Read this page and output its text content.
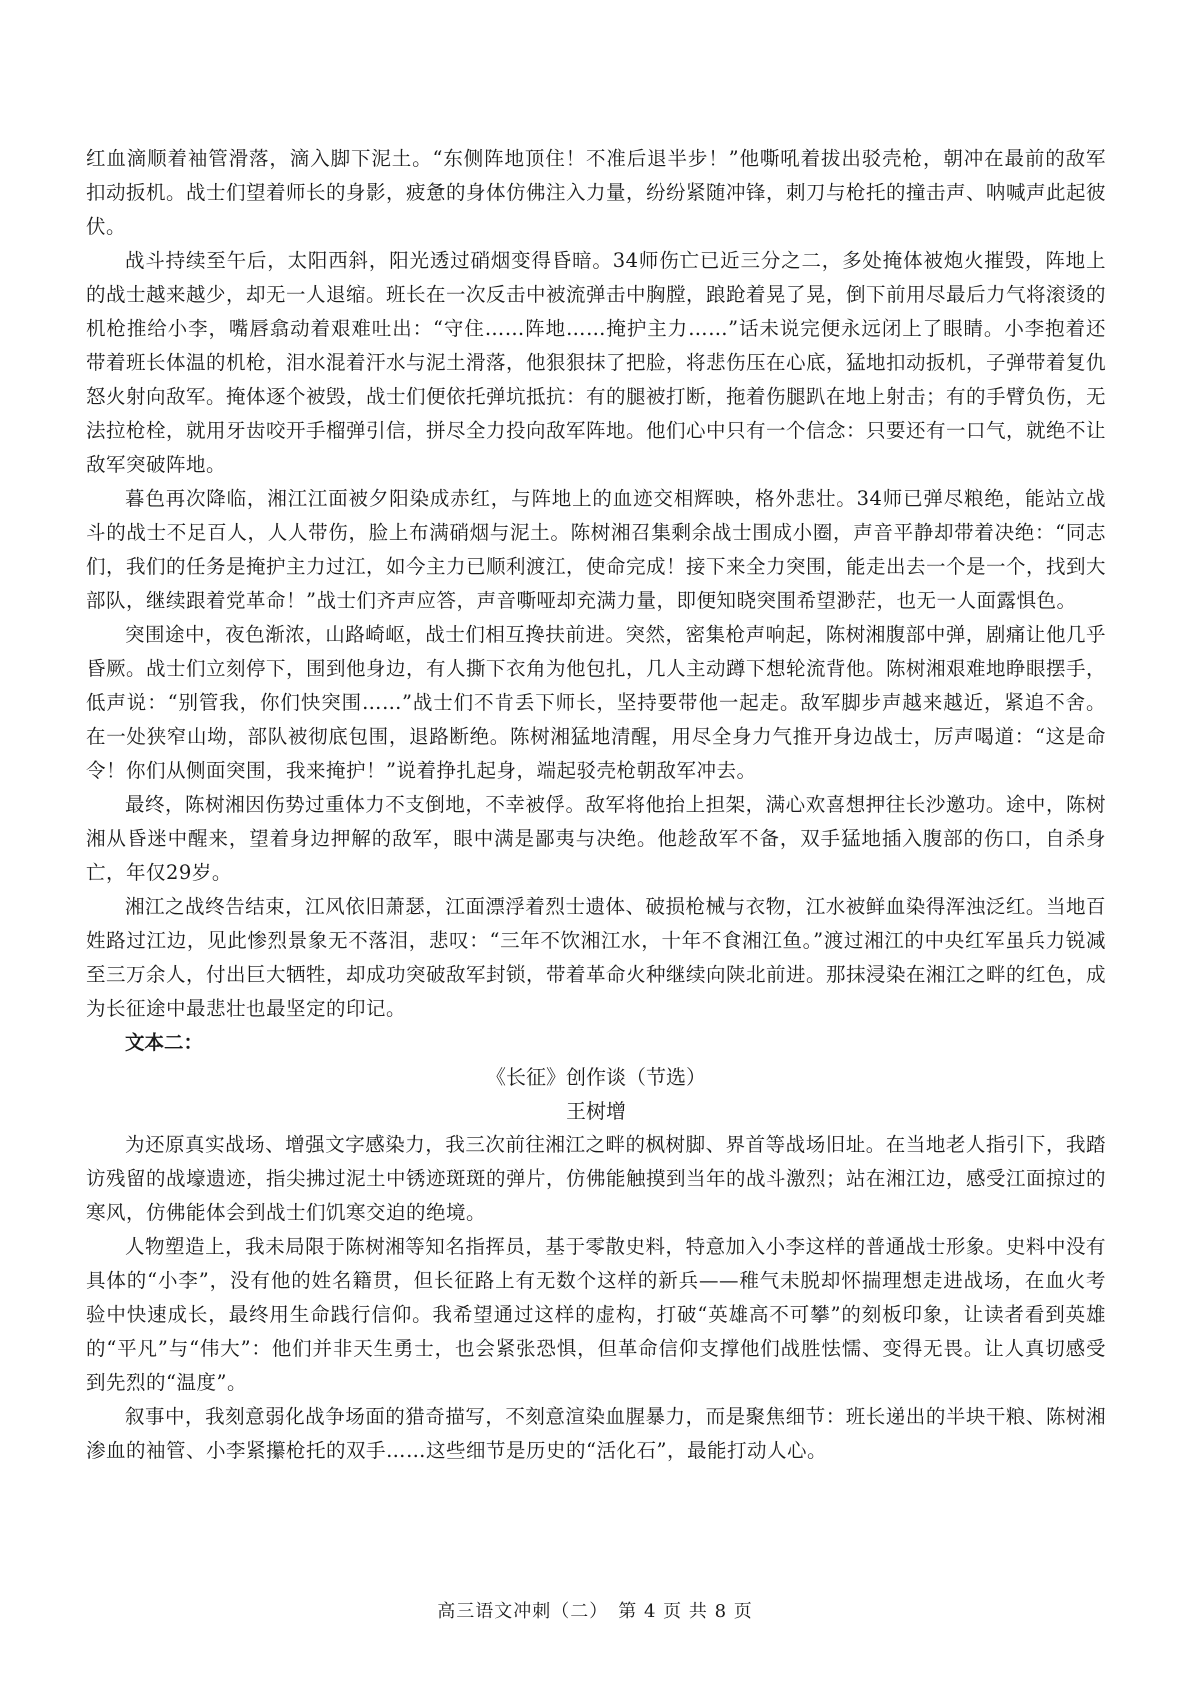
红血滴顺着袖管滑落，滴入脚下泥土。“东侧阵地顶住！不准后退半步！”他嘶吼着拔出驳壳枪，朝冲在最前的敌军扣动扳机。战士们望着师长的身影，疲惫的身体仿佛注入力量，纷纷紧随冲锋，刺刀与枪托的撞击声、呐喊声此起彼伏。

战斗持续至午后，太阳西斜，阳光透过硝烟变得昏暗。34师伤亡已近三分之二，多处掩体被炮火摧毁，阵地上的战士越来越少，却无一人退缩。班长在一次反击中被流弹击中胸膛，踉跄着晃了晃，倒下前用尽最后力气将滚烫的机枪推给小李，嘴唇翕动着艰难吐出：“守住……阵地……掩护主力……”话未说完便永远闭上了眼睛。小李抱着还带着班长体温的机枪，泪水混着汗水与泥土滑落，他狠狠抹了把脸，将悲伤压在心底，猛地扣动扳机，子弹带着复仇怒火射向敌军。掩体逐个被毁，战士们便依托弹坑抵抗：有的腿被打断，拖着伤腿趴在地上射击；有的手臂负伤，无法拉枪栓，就用牙齿咬开手榴弹引信，拼尽全力投向敌军阵地。他们心中只有一个信念：只要还有一口气，就绝不让敌军突破阵地。

暮色再次降临，湘江江面被夕阳染成赤红，与阵地上的血迹交相辉映，格外悲壮。34师已弹尽粮绝，能站立战斗的战士不足百人，人人带伤，脸上布满硝烟与泥土。陈树湘召集剩余战士围成小圈，声音平静却带着决绝：“同志们，我们的任务是掩护主力过江，如今主力已顺利渡江，使命完成！接下来全力突围，能走出去一个是一个，找到大部队，继续跟着党革命！”战士们齐声应答，声音嘶哑却充满力量，即便知晓突围希望渺茫，也无一人面露惧色。

突围途中，夜色渐浓，山路崎岖，战士们相互搀扶前进。突然，密集枪声响起，陈树湘腹部中弹，剧痛让他几乎昏厥。战士们立刻停下，围到他身边，有人撕下衣角为他包扎，几人主动蹲下想轮流背他。陈树湘艰难地睁眼摆手，低声说：“别管我，你们快突围……”战士们不肯丢下师长，坚持要带他一起走。敌军脚步声越来越近，紧追不舍。在一处狭窄山坳，部队被彻底包围，退路断绝。陈树湘猛地清醒，用尽全身力气推开身边战士，厉声喝道：“这是命令！你们从侧面突围，我来掩护！”说着挣扎起身，端起驳壳枪朝敌军冲去。

最终，陈树湘因伤势过重体力不支倒地，不幸被俘。敌军将他抬上担架，满心欢喜想押往长沙邀功。途中，陈树湘从昏迷中醒来，望着身边押解的敌军，眼中满是鄙夷与决绝。他趁敌军不备，双手猛地插入腹部的伤口，自杀身亡，年仅29岁。

湘江之战终告结束，江风依旧萧瑟，江面漂浮着烈士遗体、破损枪械与衣物，江水被鲜血染得浑浊泛红。当地百姓路过江边，见此惨烈景象无不落泪，悲叹：“三年不饮湘江水，十年不食湘江鱼。”渡过湘江的中央红军虽兵力锐减至三万余人，付出巨大牺牲，却成功突破敌军封锁，带着革命火种继续向陕北前进。那抹浸染在湘江之畔的红色，成为长征途中最悲壮也最坚定的印记。

文本二：

《长征》创作谈（节选）

王树增

为还原真实战场、增强文字感染力，我三次前往湘江之畔的枫树脚、界首等战场旧址。在当地老人指引下，我踏访残留的战壕遗迹，指尖拂过泥土中锈迹斑斑的弹片，仿佛能触摸到当年的战斗激烈；站在湘江边，感受江面掠过的寒风，仿佛能体会到战士们饥寒交迫的绝境。

人物塑造上，我未局限于陈树湘等知名指挥员，基于零散史料，特意加入小李这样的普通战士形象。史料中没有具体的“小李”，没有他的姓名籍贯，但长征路上有无数个这样的新兵——稚气未脱却怀揣理想走进战场，在血火考验中快速成长，最终用生命践行信仰。我希望通过这样的虚构，打破“英雄高不可攀”的刻板印象，让读者看到英雄的“平凡”与“伟大”：他们并非天生勇士，也会紧张恐惧，但革命信仰支撑他们战胜怯懦、变得无畏。让人真切感受到先烈的“温度”。

叙事中，我刻意弱化战争场面的猎奇描写，不刻意渲染血腥暴力，而是聚焦细节：班长递出的半块干粮、陈树湘渗血的袖管、小李紧攥枪托的双手……这些细节是历史的“活化石”，最能打动人心。

高三语文冲刺（二）　第 4 页 共 8 页
